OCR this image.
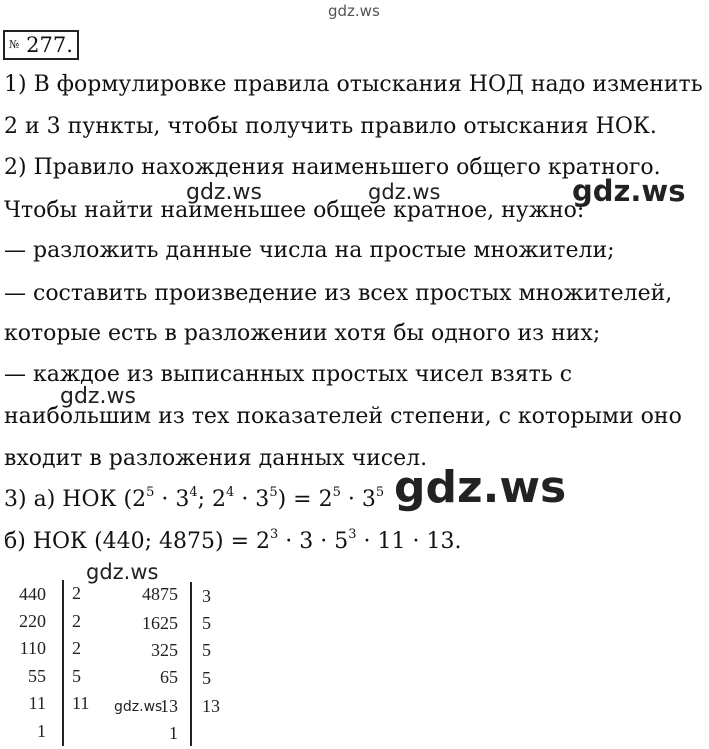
gdz.ws
gdz.ws	gdz.ws	gdz.ws
gdz.ws
gdz.ws
gdz.ws
gdz.ws
№ 277.
1) В формулировке правила отыскания НОД надо изменить
2 и 3 пункты, чтобы получить правило отыскания НОК.
2) Правило нахождения наименьшего общего кратного.
Чтобы найти наименьшее общее кратное, нужно:
— разложить данные числа на простые множители;
— составить произведение из всех простых множителей,
которые есть в разложении хотя бы одного из них;
— каждое из выписанных простых чисел взять с
наибольшим из тех показателей степени, с которыми оно
входит в разложения данных чисел.
3) а) НОК ($2^5 \cdot 3^4$; $2^4 \cdot 3^5) = 2^5 \cdot 3^5$
б) НОК (440; $4875) = 2^3 \cdot 3 \cdot 5^3 \cdot 11 \cdot 13$.
440
220
110
55
11
1
2
2
2
5
11
4875
1625
325
65
13
1
3
5
5
5
13
